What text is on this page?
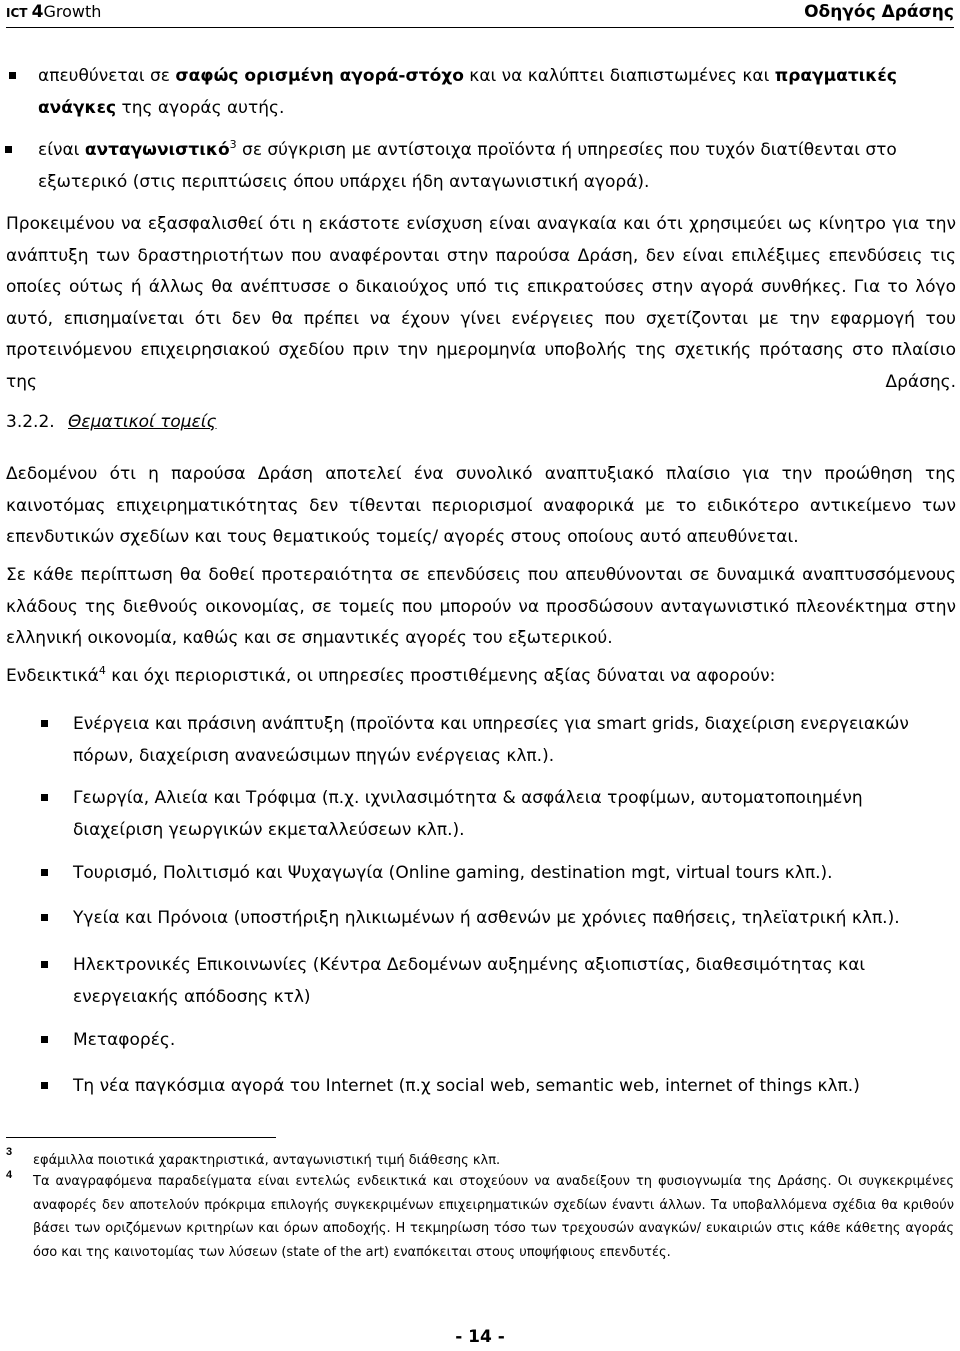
ICT 4Growth	Οδηγός Δράσης
απευθύνεται σε σαφώς ορισμένη αγορά-στόχο και να καλύπτει διαπιστωμένες και πραγματικές ανάγκες της αγοράς αυτής.
είναι ανταγωνιστικό$^3$ σε σύγκριση με αντίστοιχα προϊόντα ή υπηρεσίες που τυχόν διατίθενται στο εξωτερικό (στις περιπτώσεις όπου υπάρχει ήδη ανταγωνιστική αγορά).
Προκειμένου να εξασφαλισθεί ότι η εκάστοτε ενίσχυση είναι αναγκαία και ότι χρησιμεύει ως κίνητρο για την ανάπτυξη των δραστηριοτήτων που αναφέρονται στην παρούσα Δράση, δεν είναι επιλέξιμες επενδύσεις τις οποίες ούτως ή άλλως θα ανέπτυσσε ο δικαιούχος υπό τις επικρατούσες στην αγορά συνθήκες. Για το λόγο αυτό, επισημαίνεται ότι δεν θα πρέπει να έχουν γίνει ενέργειες που σχετίζονται με την εφαρμογή του προτεινόμενου επιχειρησιακού σχεδίου πριν την ημερομηνία υποβολής της σχετικής πρότασης στο πλαίσιο της Δράσης.
3.2.2. Θεματικοί τομείς
Δεδομένου ότι η παρούσα Δράση αποτελεί ένα συνολικό αναπτυξιακό πλαίσιο για την προώθηση της καινοτόμας επιχειρηματικότητας δεν τίθενται περιορισμοί αναφορικά με το ειδικότερο αντικείμενο των επενδυτικών σχεδίων και τους θεματικούς τομείς/ αγορές στους οποίους αυτό απευθύνεται.
Σε κάθε περίπτωση θα δοθεί προτεραιότητα σε επενδύσεις που απευθύνονται σε δυναμικά αναπτυσσόμενους κλάδους της διεθνούς οικονομίας, σε τομείς που μπορούν να προσδώσουν ανταγωνιστικό πλεονέκτημα στην ελληνική οικονομία, καθώς και σε σημαντικές αγορές του εξωτερικού.
Ενδεικτικά$^4$ και όχι περιοριστικά, οι υπηρεσίες προστιθέμενης αξίας δύναται να αφορούν:
Ενέργεια και πράσινη ανάπτυξη (προϊόντα και υπηρεσίες για smart grids, διαχείριση ενεργειακών πόρων, διαχείριση ανανεώσιμων πηγών ενέργειας κλπ.).
Γεωργία, Αλιεία και Τρόφιμα (π.χ. ιχνιλασιμότητα & ασφάλεια τροφίμων, αυτοματοποιημένη διαχείριση γεωργικών εκμεταλλεύσεων κλπ.).
Τουρισμό, Πολιτισμό και Ψυχαγωγία (Online gaming, destination mgt, virtual tours κλπ.).
Υγεία και Πρόνοια (υποστήριξη ηλικιωμένων ή ασθενών με χρόνιες παθήσεις, τηλεϊατρική κλπ.).
Ηλεκτρονικές Επικοινωνίες (Κέντρα Δεδομένων αυξημένης αξιοπιστίας, διαθεσιμότητας και ενεργειακής απόδοσης κτλ)
Μεταφορές.
Τη νέα παγκόσμια αγορά του Internet (π.χ social web, semantic web, internet of things κλπ.)
3
εφάμιλλα ποιοτικά χαρακτηριστικά, ανταγωνιστική τιμή διάθεσης κλπ.
4 Τα αναγραφόμενα παραδείγματα είναι εντελώς ενδεικτικά και στοχεύουν να αναδείξουν τη φυσιογνωμία της Δράσης. Οι συγκεκριμένες αναφορές δεν αποτελούν πρόκριμα επιλογής συγκεκριμένων επιχειρηματικών σχεδίων έναντι άλλων. Τα υποβαλλόμενα σχέδια θα κριθούν βάσει των οριζόμενων κριτηρίων και όρων αποδοχής. Η τεκμηρίωση τόσο των τρεχουσών αναγκών/ ευκαιριών στις κάθε κάθετης αγοράς όσο και της καινοτομίας των λύσεων (state of the art) εναπόκειται στους υποψήφιους επενδυτές.
- 14 -
